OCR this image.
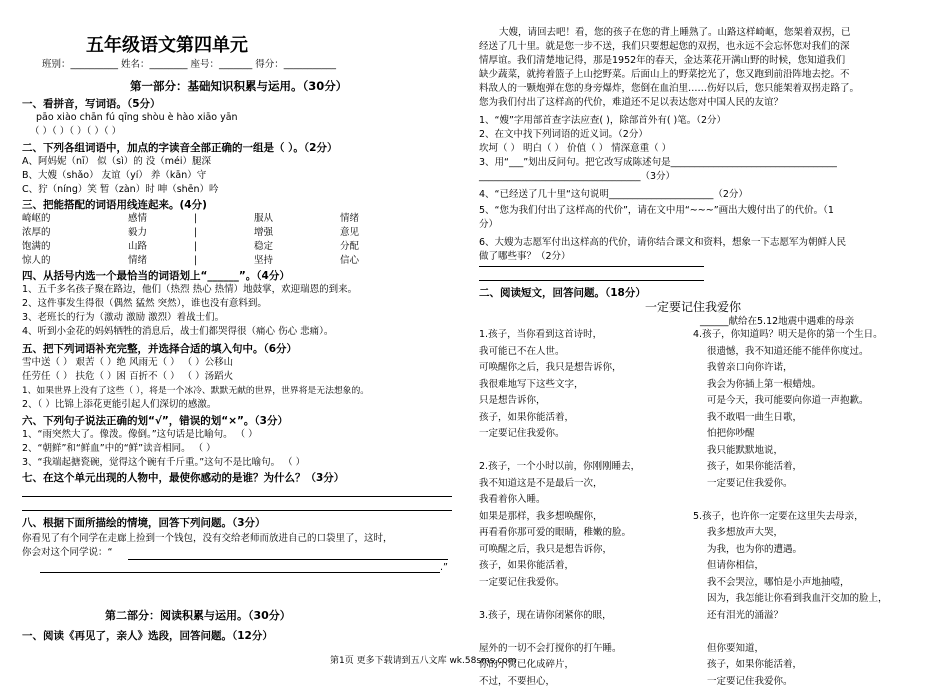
五年级语文第四单元
班别：__________ 姓名：________ 座号：_______ 得分：___________
第一部分：基础知识积累与运用。（30分）
一、看拼音，写词语。（5分）
pāo xiào chān fú qīng shòu è hào xiāo yān
（ ）（ ）（ ）（ ）（ ）
二、下列各组词语中，加点的字读音全部正确的一组是（ ）。（2分）
A、阿妈妮（nī） 似（sì）的 没（méi）腿深
B、大嫂（shǎo） 友谊（yí） 养（kān）守
C、狞（níng）笑 暂（zàn）时 呻（shēn）吟
三、把能搭配的词语用线连起来。(4分)
崎岖的	感情	|	服从	情绪
浓厚的	毅力	|	增强	意见
饱满的	山路	|	稳定	分配
惊人的	情绪	|	坚持	信心
四、从括号内选一个最恰当的词语划上“______”。（4分）
1、五千多名孩子聚在路边，他们（热烈 热心 热情）地鼓掌，欢迎瑞恩的到来。
2、这件事发生得很（偶然 猛然 突然），谁也没有意料到。
3、老班长的行为（激动 激励 激烈）着战士们。
4、听到小金花的妈妈牺牲的消息后，战士们都哭得很（痛心 伤心 悲痛）。
五、把下列词语补充完整，并选择合适的填入句中。（6分）
雪中送（ ） 艰苦（ ）绝 风雨无（ ） （ ）公移山
任劳任（ ） 扶危（ ）困 百折不（ ） （ ）汤蹈火
1、如果世界上没有了这些（ ），将是一个冰冷、默默无献的世界，世界将是无法想象的。
2、（ ）比锦上添花更能引起人们深切的感激。
六、下列句子说法正确的划“√”，错误的划“×”。（3分）
1、“雨突然大了。像泼。像倒。”这句话是比喻句。 （ ）
2、“朝鲜”和“鲜血”中的“鲜”读音相同。 （ ）
3、“我端起搪瓷碗，觉得这个碗有千斤重。”这句不是比喻句。 （ ）
七、在这个单元出现的人物中，最使你感动的是谁？为什么？（3分）
八、根据下面所描绘的情境，回答下列问题。（3分）
你看见了有个同学在走廊上捡到一个钱包，没有交给老师而放进自己的口袋里了，这时，
你会对这个同学说：“
.”
第二部分：阅读积累与运用。（30分）
一、阅读《再见了，亲人》选段，回答问题。（12分）
大嫂，请回去吧！看，您的孩子在您的背上睡熟了。山路这样崎岖，您架着双拐，已
经送了几十里。就是您一步不送，我们只要想起您的双拐，也永远不会忘怀您对我们的深
情厚谊。我们清楚地记得，那是1952年的春天，金达莱花开满山野的时候，您知道我们
缺少蔬菜，就挎着篮子上山挖野菜。后面山上的野菜挖光了，您又跑到前沿阵地去挖。不
料敌人的一颗炮弹在您的身旁爆炸，您倒在血泊里……伤好以后，您只能架着双拐走路了。
您为我们付出了这样高的代价，难道还不足以表达您对中国人民的友谊？
1、“嫂”字用部首查字法应查( )，除部首外有( )笔。（2分）
2、在文中找下列词语的近义词。（2分）
坎坷（ ） 明白（ ） 价值（ ） 情深意重（ ）
3、用“___”划出反问句。把它改写成陈述句是___________________________________
__________________________________（3分）
4、“已经送了几十里“这句说明______________________（2分）
5、“您为我们付出了这样高的代价”，请在文中用“~~~”画出大嫂付出了的代价。（1
分）
6、大嫂为志愿军付出这样高的代价，请你结合课文和资料，想象一下志愿军为朝鲜人民
做了哪些事？（2分）
二、阅读短文，回答问题。（18分）
一定要记住我爱你
______献给在5.12地震中遇难的母亲
1.孩子，当你看到这首诗时，
我可能已不在人世。
可唤醒你之后，我只是想告诉你，
我很难地写下这些文字，
只是想告诉你，
孩子，如果你能活着，
一定要记住我爱你。
2.孩子，一个小时以前，你刚刚睡去，
我不知道这是不是最后一次，
我看着你入睡。
如果是那样，我多想唤醒你，
再看看你那可爱的眼睛，稚嫩的脸。
可唤醒之后，我只是想告诉你，
孩子，如果你能活着，
一定要记住我爱你。
3.孩子，现在请你闭紧你的眼，
屋外的一切不会打搅你的打午睡。
你的小窝已化成碎片，
不过，不要担心，
4.孩子，你知道吗？明天是你的第一个生日。
很遗憾，我不知道还能不能伴你度过。
我曾亲口向你许诺，
我会为你插上第一根蜡烛。
可是今天，我可能要向你道一声抱歉。
我不敢唱一曲生日歌，
怕把你吵醒
我只能默默地说，
孩子，如果你能活着，
一定要记住我爱你。
5.孩子，也许你一定要在这里失去母亲，
我多想放声大哭，
为我，也为你的遭遇。
但请你相信，
我不会哭泣，哪怕是小声地抽噎，
因为，我怎能让你看到我血汗交加的脸上，
还有泪光的涌溢？
但你要知道，
孩子，如果你能活着，
一定要记住我爱你。
第1页 更多下载请到五八文库 wk.58sms.com
